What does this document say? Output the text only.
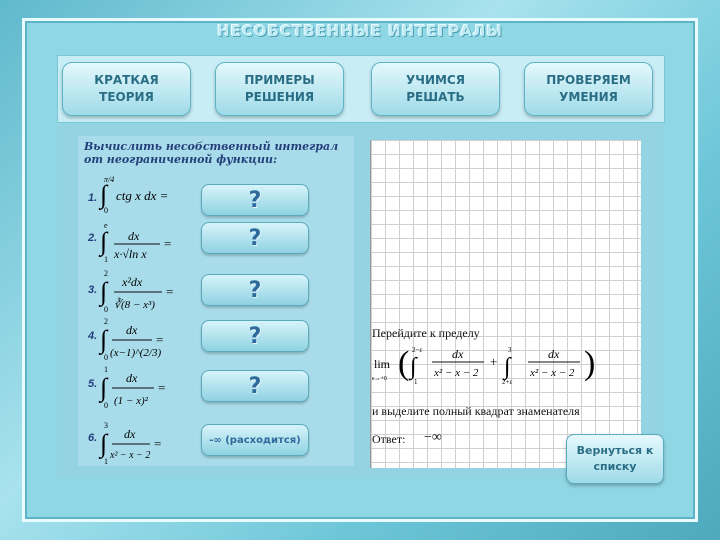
НЕСОБСТВЕННЫЕ ИНТЕГРАЛЫ
КРАТКАЯ
ТЕОРИЯ
ПРИМЕРЫ
РЕШЕНИЯ
УЧИМСЯ
РЕШАТЬ
ПРОВЕРЯЕМ
УМЕНИЯ
Вычислить несобственный интеграл от неограниченной функции:
1.
2.
3.
4.
5.
6.
π/4
∫
0
ctg x dx =
e
∫
1
dx
x·√ln x
=
2
∫
0
x²dx
∛(8 − x³)
=
2
∫
0
dx
(x−1)^(2/3)
=
1
∫
0
dx
(1 − x)²
=
3
∫
1
dx
x² − x − 2
=
?
?
?
?
?
-∞ (расходится)
Перейдите к пределу
lim
ε→+0 ( 2−ε
∫
1
dx
x² − x − 2
+
3
∫
2+ε
dx
x² − x − 2 )
и выделите полный квадрат знаменателя
Ответ: −∞
Вернуться к
списку
